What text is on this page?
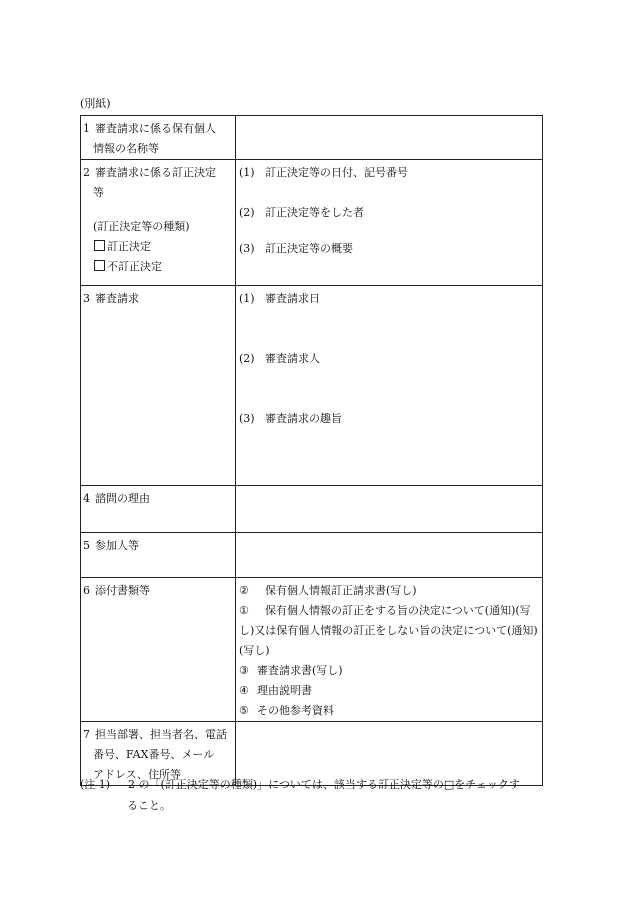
(別紙)
1 審査請求に係る保有個人
情報の名称等	

2 審査請求に係る訂正決定
等
(訂正決定等の種類)
訂正決定
不訂正決定	(1) 訂正決定等の日付、記号番号
(2) 訂正決定等をした者
(3) 訂正決定等の概要

3 審査請求	(1) 審査請求日
(2) 審査請求人
(3) 審査請求の趣旨

4 諮問の理由	

5 参加人等	

6 添付書類等	② 保有個人情報訂正請求書(写し)
① 保有個人情報の訂正をする旨の決定について(通知)(写し)又は保有個人情報の訂正をしない旨の決定について(通知)(写し)
③ 審査請求書(写し)
④ 理由説明書
⑤ その他参考資料

7 担当部署、担当者名、電話
番号、FAX番号、メール
アドレス、住所等	

(注 1) 2 の「(訂正決定等の種類)」については、該当する訂正決定等の□をチェックす
ること。
